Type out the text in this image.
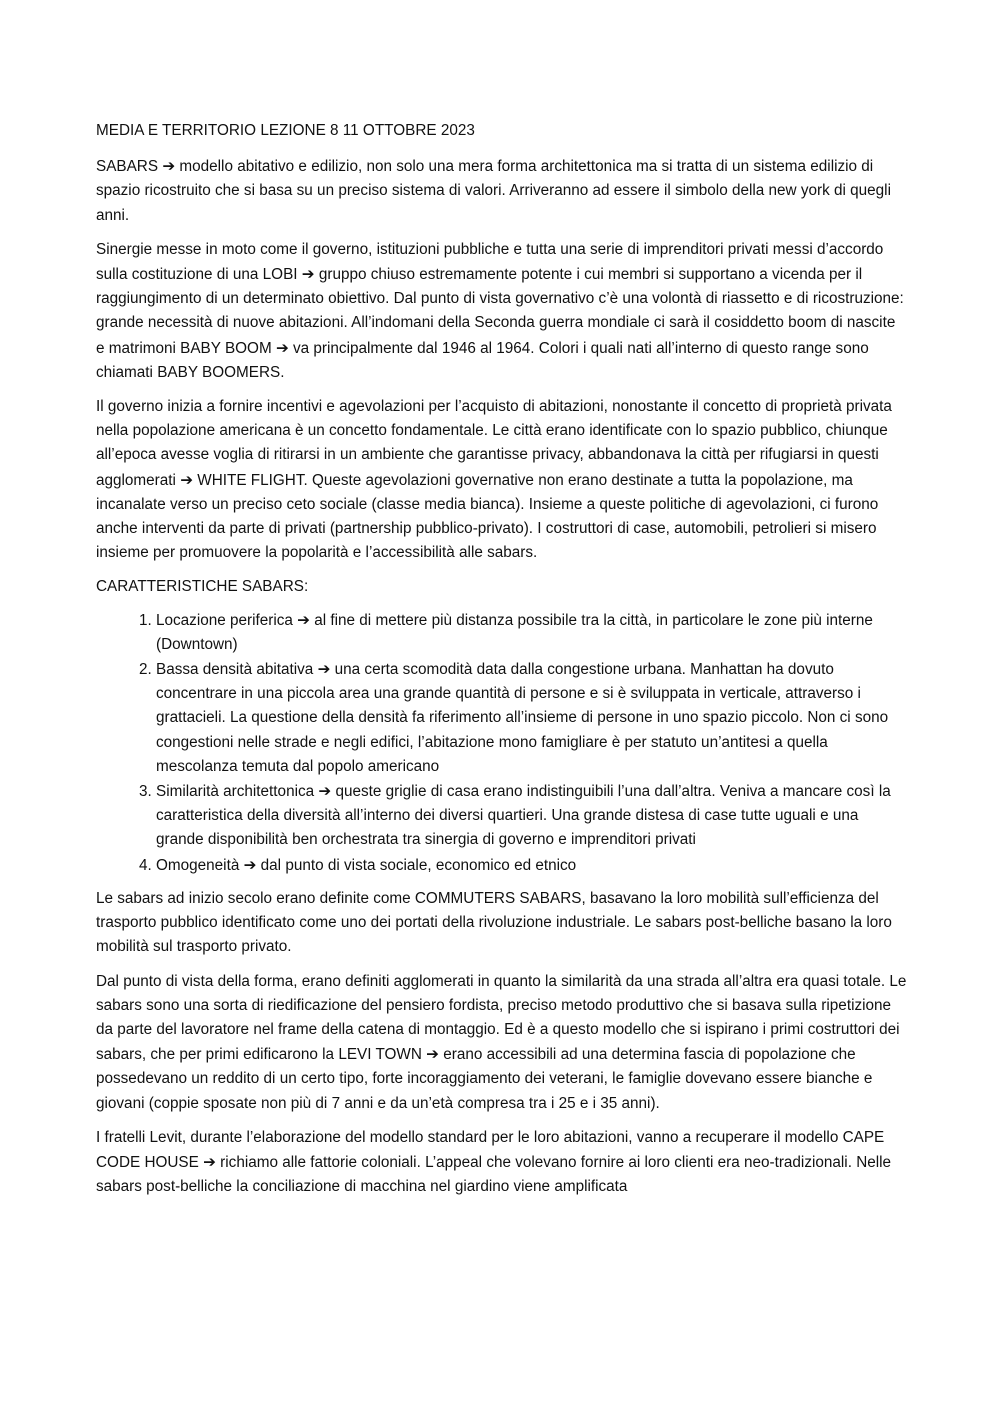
MEDIA E TERRITORIO LEZIONE 8 11 OTTOBRE 2023

SABARS ➔ modello abitativo e edilizio, non solo una mera forma architettonica ma si tratta di un sistema edilizio di spazio ricostruito che si basa su un preciso sistema di valori. Arriveranno ad essere il simbolo della new york di quegli anni.

Sinergie messe in moto come il governo, istituzioni pubbliche e tutta una serie di imprenditori privati messi d’accordo sulla costituzione di una LOBI ➔ gruppo chiuso estremamente potente i cui membri si supportano a vicenda per il raggiungimento di un determinato obiettivo. Dal punto di vista governativo c’è una volontà di riassetto e di ricostruzione: grande necessità di nuove abitazioni. All’indomani della Seconda guerra mondiale ci sarà il cosiddetto boom di nascite e matrimoni BABY BOOM ➔ va principalmente dal 1946 al 1964. Colori i quali nati all’interno di questo range sono chiamati BABY BOOMERS.

Il governo inizia a fornire incentivi e agevolazioni per l’acquisto di abitazioni, nonostante il concetto di proprietà privata nella popolazione americana è un concetto fondamentale. Le città erano identificate con lo spazio pubblico, chiunque all’epoca avesse voglia di ritirarsi in un ambiente che garantisse privacy, abbandonava la città per rifugiarsi in questi agglomerati ➔ WHITE FLIGHT. Queste agevolazioni governative non erano destinate a tutta la popolazione, ma incanalate verso un preciso ceto sociale (classe media bianca). Insieme a queste politiche di agevolazioni, ci furono anche interventi da parte di privati (partnership pubblico-privato). I costruttori di case, automobili, petrolieri si misero insieme per promuovere la popolarità e l’accessibilità alle sabars.

CARATTERISTICHE SABARS:

1. Locazione periferica ➔ al fine di mettere più distanza possibile tra la città, in particolare le zone più interne (Downtown)
2. Bassa densità abitativa ➔ una certa scomodità data dalla congestione urbana. Manhattan ha dovuto concentrare in una piccola area una grande quantità di persone e si è sviluppata in verticale, attraverso i grattacieli. La questione della densità fa riferimento all’insieme di persone in uno spazio piccolo. Non ci sono congestioni nelle strade e negli edifici, l’abitazione mono famigliare è per statuto un’antitesi a quella mescolanza temuta dal popolo americano
3. Similarità architettonica ➔ queste griglie di casa erano indistinguibili l’una dall’altra. Veniva a mancare così la caratteristica della diversità all’interno dei diversi quartieri. Una grande distesa di case tutte uguali e una grande disponibilità ben orchestrata tra sinergia di governo e imprenditori privati
4. Omogeneità ➔ dal punto di vista sociale, economico ed etnico

Le sabars ad inizio secolo erano definite come COMMUTERS SABARS, basavano la loro mobilità sull’efficienza del trasporto pubblico identificato come uno dei portati della rivoluzione industriale. Le sabars post-belliche basano la loro mobilità sul trasporto privato.

Dal punto di vista della forma, erano definiti agglomerati in quanto la similarità da una strada all’altra era quasi totale. Le sabars sono una sorta di riedificazione del pensiero fordista, preciso metodo produttivo che si basava sulla ripetizione da parte del lavoratore nel frame della catena di montaggio. Ed è a questo modello che si ispirano i primi costruttori dei sabars, che per primi edificarono la LEVI TOWN ➔ erano accessibili ad una determina fascia di popolazione che possedevano un reddito di un certo tipo, forte incoraggiamento dei veterani, le famiglie dovevano essere bianche e giovani (coppie sposate non più di 7 anni e da un’età compresa tra i 25 e i 35 anni).

I fratelli Levit, durante l’elaborazione del modello standard per le loro abitazioni, vanno a recuperare il modello CAPE CODE HOUSE ➔ richiamo alle fattorie coloniali. L’appeal che volevano fornire ai loro clienti era neo-tradizionali. Nelle sabars post-belliche la conciliazione di macchina nel giardino viene amplificata
